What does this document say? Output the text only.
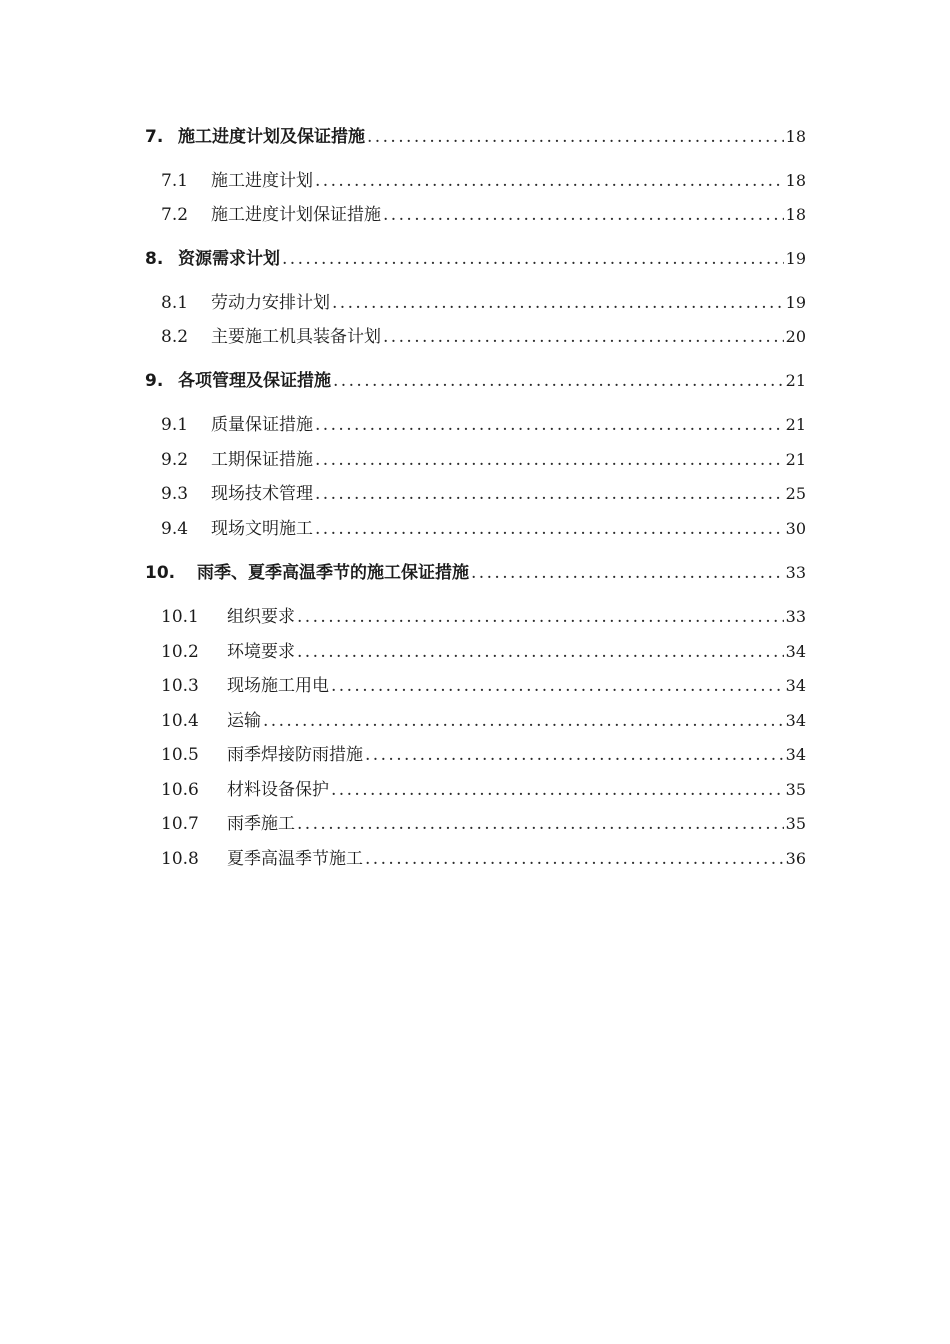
7. 施工进度计划及保证措施 .....	18
7.1	施工进度计划 .....	18
7.2	施工进度计划保证措施 .....	18
8. 资源需求计划 .....	19
8.1	劳动力安排计划 .....	19
8.2	主要施工机具装备计划 .....	20
9. 各项管理及保证措施 .....	21
9.1	质量保证措施 .....	21
9.2	工期保证措施 .....	21
9.3	现场技术管理 .....	25
9.4	现场文明施工 .....	30
10.	雨季、夏季高温季节的施工保证措施 .....	33
10.1	组织要求 .....	33
10.2	环境要求 .....	34
10.3	现场施工用电 .....	34
10.4	运输 .....	34
10.5	雨季焊接防雨措施 .....	34
10.6	材料设备保护 .....	35
10.7	雨季施工 .....	35
10.8	夏季高温季节施工 .....	36
